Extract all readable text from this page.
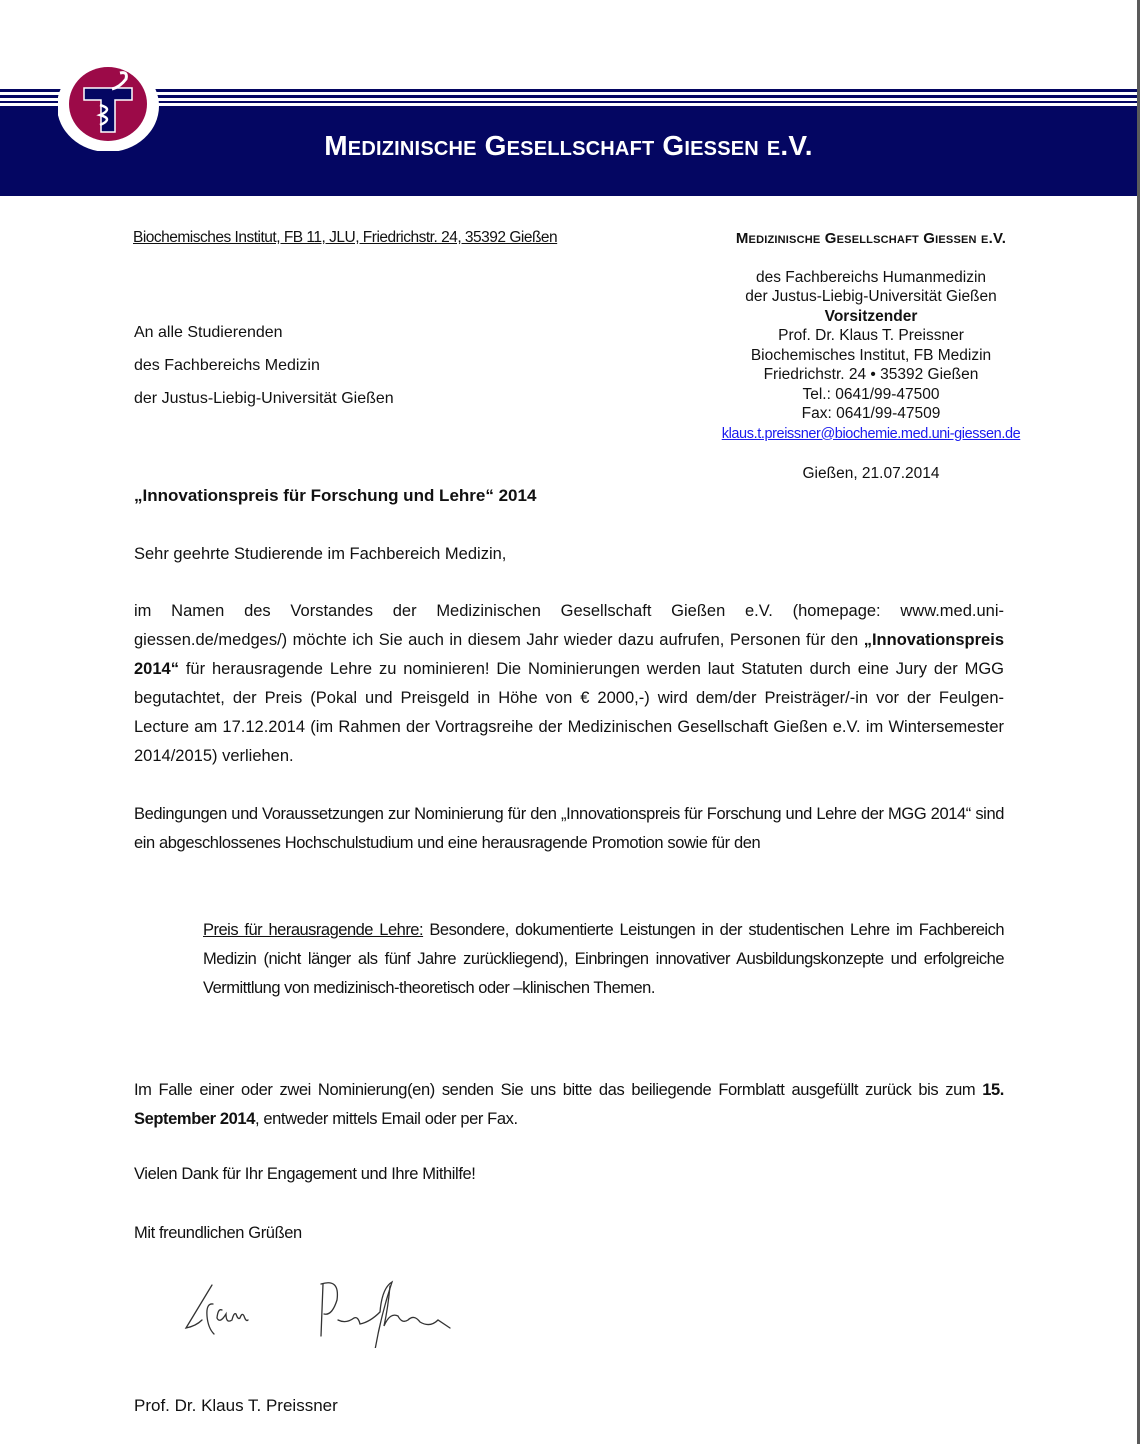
Medizinische Gesellschaft Giessen e.V.
Biochemisches Institut, FB 11, JLU, Friedrichstr. 24, 35392 Gießen
An alle Studierenden
des Fachbereichs Medizin
der Justus-Liebig-Universität Gießen
Medizinische Gesellschaft Giessen e.V.
des Fachbereichs Humanmedizin
der Justus-Liebig-Universität Gießen
Vorsitzender
Prof. Dr. Klaus T. Preissner
Biochemisches Institut, FB Medizin
Friedrichstr. 24 • 35392 Gießen
Tel.: 0641/99-47500
Fax: 0641/99-47509
klaus.t.preissner@biochemie.med.uni-giessen.de
Gießen, 21.07.2014
„Innovationspreis für Forschung und Lehre“ 2014
Sehr geehrte Studierende im Fachbereich Medizin,
im Namen des Vorstandes der Medizinischen Gesellschaft Gießen e.V. (homepage: www.med.uni-giessen.de/medges/) möchte ich Sie auch in diesem Jahr wieder dazu aufrufen, Personen für den „Innovationspreis 2014“ für herausragende Lehre zu nominieren! Die Nominierungen werden laut Statuten durch eine Jury der MGG begutachtet, der Preis (Pokal und Preisgeld in Höhe von € 2000,-) wird dem/der Preisträger/-in vor der Feulgen-Lecture am 17.12.2014 (im Rahmen der Vortragsreihe der Medizinischen Gesellschaft Gießen e.V. im Wintersemester 2014/2015) verliehen.
Bedingungen und Voraussetzungen zur Nominierung für den „Innovationspreis für Forschung und Lehre der MGG 2014“ sind ein abgeschlossenes Hochschulstudium und eine herausragende Promotion sowie für den
Preis für herausragende Lehre: Besondere, dokumentierte Leistungen in der studentischen Lehre im Fachbereich Medizin (nicht länger als fünf Jahre zurückliegend), Einbringen innovativer Ausbildungskonzepte und erfolgreiche Vermittlung von medizinisch-theoretisch oder –klinischen Themen.
Im Falle einer oder zwei Nominierung(en) senden Sie uns bitte das beiliegende Formblatt ausgefüllt zurück bis zum 15. September 2014, entweder mittels Email oder per Fax.
Vielen Dank für Ihr Engagement und Ihre Mithilfe!
Mit freundlichen Grüßen
Prof. Dr. Klaus T. Preissner
